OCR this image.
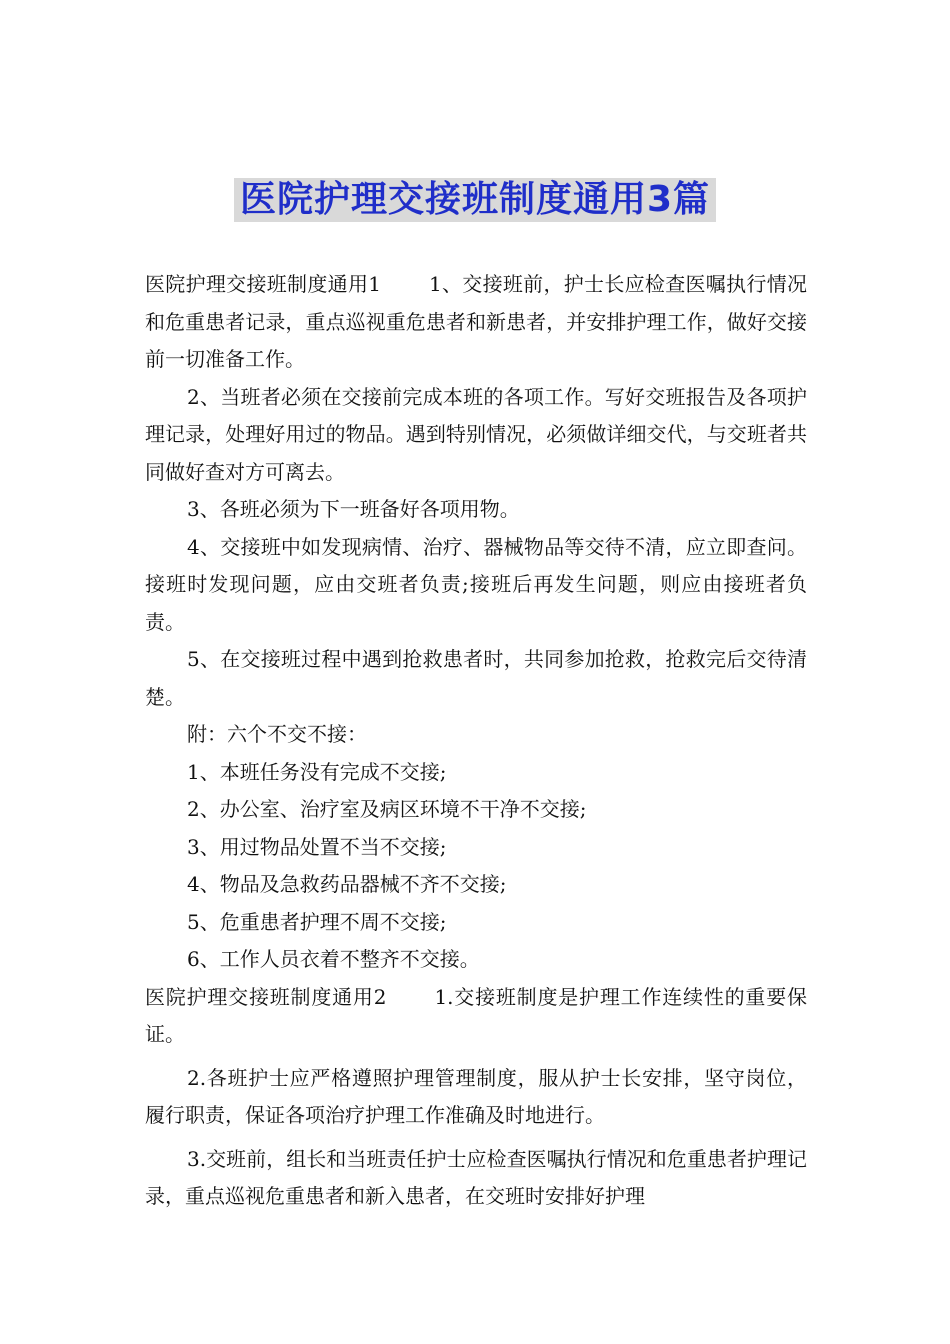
医院护理交接班制度通用3篇

医院护理交接班制度通用1 1、交接班前，护士长应检查医嘱执行情况和危重患者记录，重点巡视重危患者和新患者，并安排护理工作，做好交接前一切准备工作。

2、当班者必须在交接前完成本班的各项工作。写好交班报告及各项护理记录，处理好用过的物品。遇到特别情况，必须做详细交代，与交班者共同做好查对方可离去。

3、各班必须为下一班备好各项用物。

4、交接班中如发现病情、治疗、器械物品等交待不清，应立即查问。接班时发现问题，应由交班者负责;接班后再发生问题，则应由接班者负责。

5、在交接班过程中遇到抢救患者时，共同参加抢救，抢救完后交待清楚。

附：六个不交不接：

1、本班任务没有完成不交接;

2、办公室、治疗室及病区环境不干净不交接;

3、用过物品处置不当不交接;

4、物品及急救药品器械不齐不交接;

5、危重患者护理不周不交接;

6、工作人员衣着不整齐不交接。

医院护理交接班制度通用2 1.交接班制度是护理工作连续性的重要保证。

2.各班护士应严格遵照护理管理制度，服从护士长安排，坚守岗位， 履行职责，保证各项治疗护理工作准确及时地进行。

3.交班前，组长和当班责任护士应检查医嘱执行情况和危重患者护理记录，重点巡视危重患者和新入患者，在交班时安排好护理
